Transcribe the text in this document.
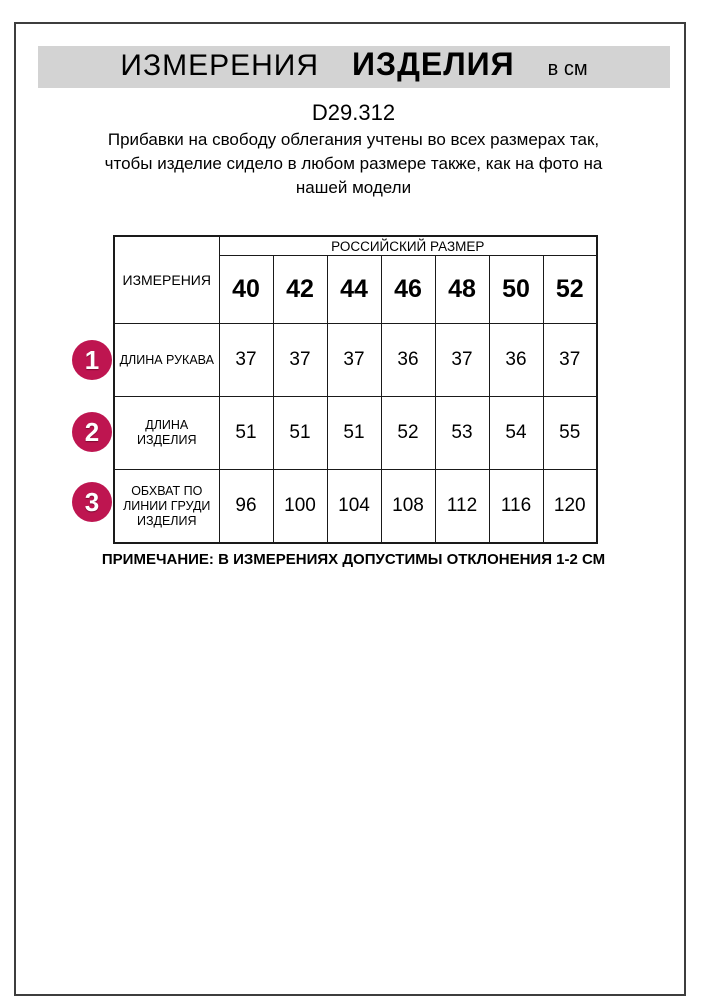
ИЗМЕРЕНИЯ ИЗДЕЛИЯ в см
D29.312
Прибавки на свободу облегания учтены во всех размерах так,
чтобы изделие сидело в любом размере также, как на фото на
нашей модели
ИЗМЕРЕНИЯ	РОССИЙСКИЙ РАЗМЕР						
	40	42	44	46	48	50	52
ДЛИНА РУКАВА	37	37	37	36	37	36	37
ДЛИНА ИЗДЕЛИЯ	51	51	51	52	53	54	55
ОБХВАТ ПО ЛИНИИ ГРУДИ ИЗДЕЛИЯ	96	100	104	108	112	116	120
1
2
3
ПРИМЕЧАНИЕ: В ИЗМЕРЕНИЯХ ДОПУСТИМЫ ОТКЛОНЕНИЯ 1-2 СМ
